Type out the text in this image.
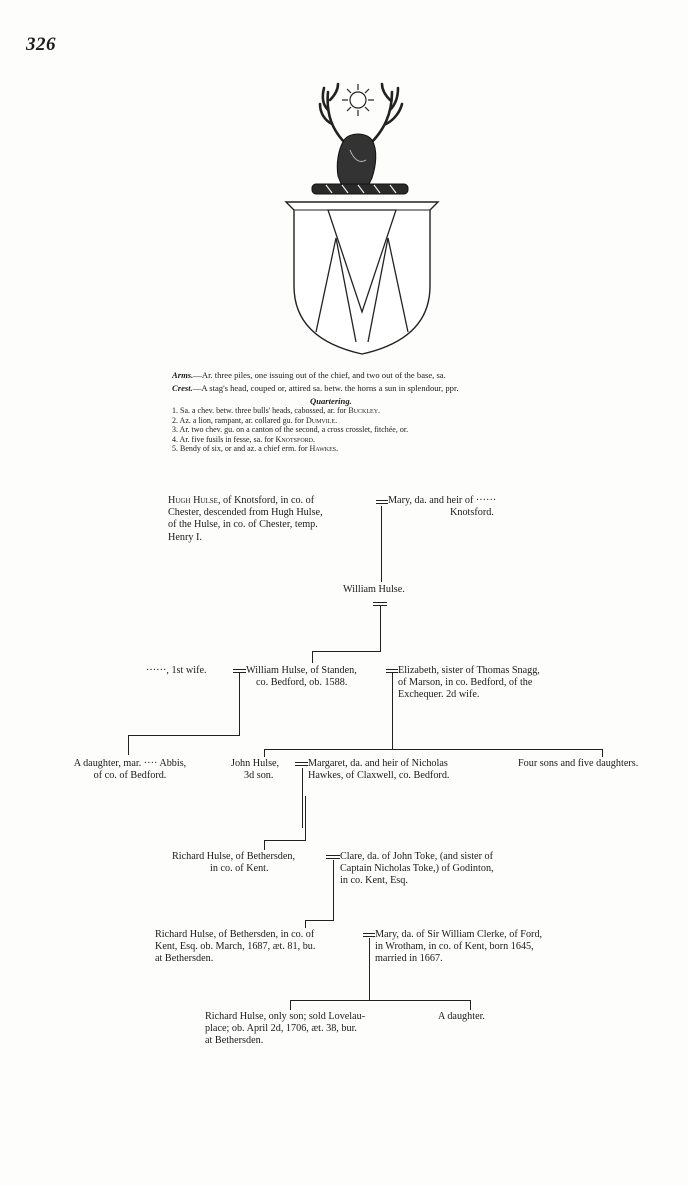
326
Arms.—Ar. three piles, one issuing out of the chief, and two out of the base, sa.
Crest.—A stag's head, couped or, attired sa. betw. the horns a sun in splendour, ppr.
Quartering.
1. Sa. a chev. betw. three bulls' heads, cabossed, ar. for Buckley.
2. Az. a lion, rampant, ar. collared gu. for Dumvile.
3. Ar. two chev. gu. on a canton of the second, a cross crosslet, fitchée, or.
4. Ar. five fusils in fesse, sa. for Knotsford.
5. Bendy of six, or and az. a chief erm. for Hawkes.
Hugh Hulse, of Knotsford, in co. of
Chester, descended from Hugh Hulse,
of the Hulse, in co. of Chester, temp.
Henry I.
Mary, da. and heir of ······
Knotsford.
William Hulse.
······, 1st wife.	William Hulse, of Standen,
co. Bedford, ob. 1588.
Elizabeth, sister of Thomas Snagg,
of Marson, in co. Bedford, of the
Exchequer. 2d wife.
A daughter, mar. ···· Abbis,
of co. of Bedford.
John Hulse,
3d son.
Margaret, da. and heir of Nicholas
Hawkes, of Claxwell, co. Bedford.
Four sons and five daughters.
Richard Hulse, of Bethersden,
in co. of Kent.
Clare, da. of John Toke, (and sister of
Captain Nicholas Toke,) of Godinton,
in co. Kent, Esq.
Richard Hulse, of Bethersden, in co. of
Kent, Esq. ob. March, 1687, æt. 81, bu.
at Bethersden.
Mary, da. of Sir William Clerke, of Ford,
in Wrotham, in co. of Kent, born 1645,
married in 1667.
Richard Hulse, only son; sold Lovelau-
place; ob. April 2d, 1706, æt. 38, bur.
at Bethersden.
A daughter.
